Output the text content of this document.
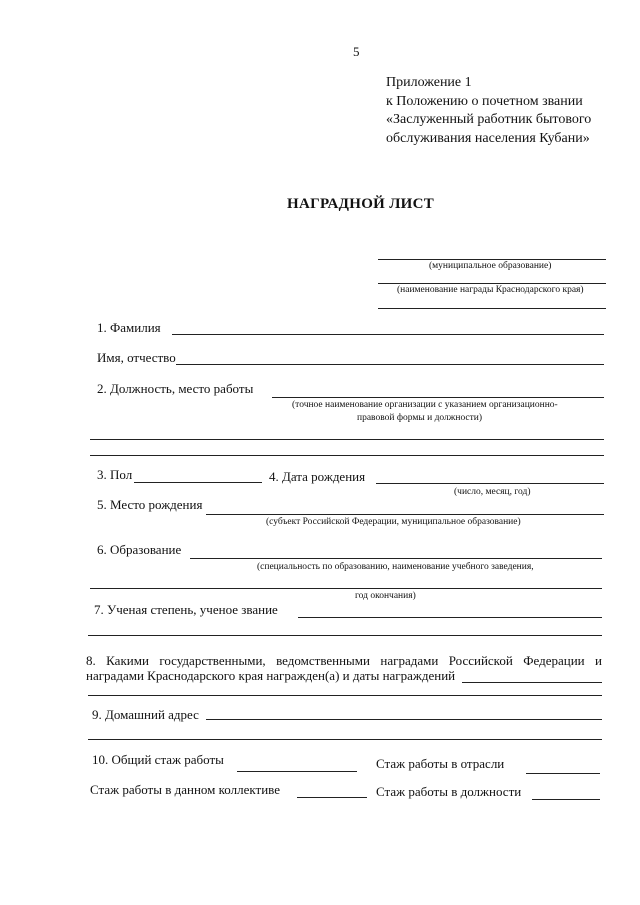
5
Приложение 1
к Положению о почетном звании
«Заслуженный работник бытового
обслуживания населения Кубани»
НАГРАДНОЙ ЛИСТ
(муниципальное образование)
(наименование награды Краснодарского края)
1. Фамилия
Имя, отчество
2. Должность, место работы
(точное наименование организации с указанием организационно-
правовой формы и должности)
3. Пол	4. Дата рождения
(число, месяц, год)
5. Место рождения
(субъект Российской Федерации, муниципальное образование)
6. Образование
(специальность по образованию, наименование учебного заведения,
год окончания)
7. Ученая степень, ученое звание
8. Какими государственными, ведомственными наградами Российской Федерации и
наградами Краснодарского края награжден(а) и даты награждений
9. Домашний адрес
10. Общий стаж работы	Стаж работы в отрасли
Стаж работы в данном коллективе	Стаж работы в должности
